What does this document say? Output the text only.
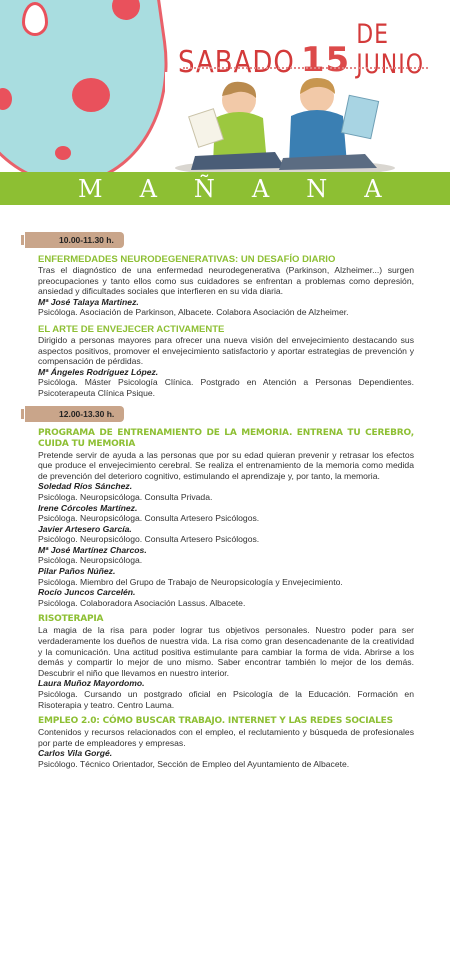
SABADO 15
DE JUNIO
MAÑANA
10.00-11.30 h.
ENFERMEDADES NEURODEGENERATIVAS: UN DESAFÍO DIARIO
Tras el diagnóstico de una enfermedad neurodegenerativa (Parkinson, Alzheimer...) surgen preocupaciones y tanto ellos como sus cuidadores se enfrentan a problemas como depresión, ansiedad y dificultades sociales que interfieren en su vida diaria.
Mª José Talaya Martinez.
Psicóloga. Asociación de Parkinson, Albacete. Colabora Asociación de Alzheimer.
EL ARTE DE ENVEJECER ACTIVAMENTE
Dirigido a personas mayores para ofrecer una nueva visión del envejecimiento destacando sus aspectos positivos, promover el envejecimiento satisfactorio y aportar estrategias de prevención y compensación de pérdidas.
Mª Ángeles Rodríguez López.
Psicóloga. Máster Psicología Clínica. Postgrado en Atención a Personas Dependientes. Psicoterapeuta Clínica Psique.
12.00-13.30 h.
PROGRAMA DE ENTRENAMIENTO DE LA MEMORIA. ENTRENA TU CEREBRO, CUIDA TU MEMORIA
Pretende servir de ayuda a las personas que por su edad quieran prevenir y retrasar los efectos que produce el envejecimiento cerebral. Se realiza el entrenamiento de la memoria como medida de prevención del deterioro cognitivo, estimulando el aprendizaje y, por tanto, la memoria.
Soledad Ríos Sánchez.
Psicóloga. Neuropsicóloga. Consulta Privada.
Irene Córcoles Martínez.
Psicóloga. Neuropsicóloga. Consulta Artesero Psicólogos.
Javier Artesero García.
Psicólogo. Neuropsicólogo. Consulta Artesero Psicólogos.
Mª José Martínez Charcos.
Psicóloga. Neuropsicóloga.
Pilar Paños Núñez.
Psicóloga. Miembro del Grupo de Trabajo de Neuropsicología y Envejecimiento.
Rocío Juncos Carcelén.
Psicóloga. Colaboradora Asociación Lassus. Albacete.
RISOTERAPIA
La magia de la risa para poder lograr tus objetivos personales. Nuestro poder para ser verdaderamente los dueños de nuestra vida. La risa como gran desencadenante de la creatividad y la comunicación. Una actitud positiva estimulante para cambiar la forma de vida. Abrirse a los demás y compartir lo mejor de uno mismo. Saber encontrar también lo mejor de los demás. Descubrir el niño que llevamos en nuestro interior.
Laura Muñoz Mayordomo.
Psicóloga. Cursando un postgrado oficial en Psicología de la Educación. Formación en Risoterapia y teatro. Centro Lauma.
EMPLEO 2.0: CÓMO BUSCAR TRABAJO. INTERNET Y LAS REDES SOCIALES
Contenidos y recursos relacionados con el empleo, el reclutamiento y búsqueda de profesionales por parte de empleadores y empresas.
Carlos Vila Gorgé.
Psicólogo. Técnico Orientador, Sección de Empleo del Ayuntamiento de Albacete.
